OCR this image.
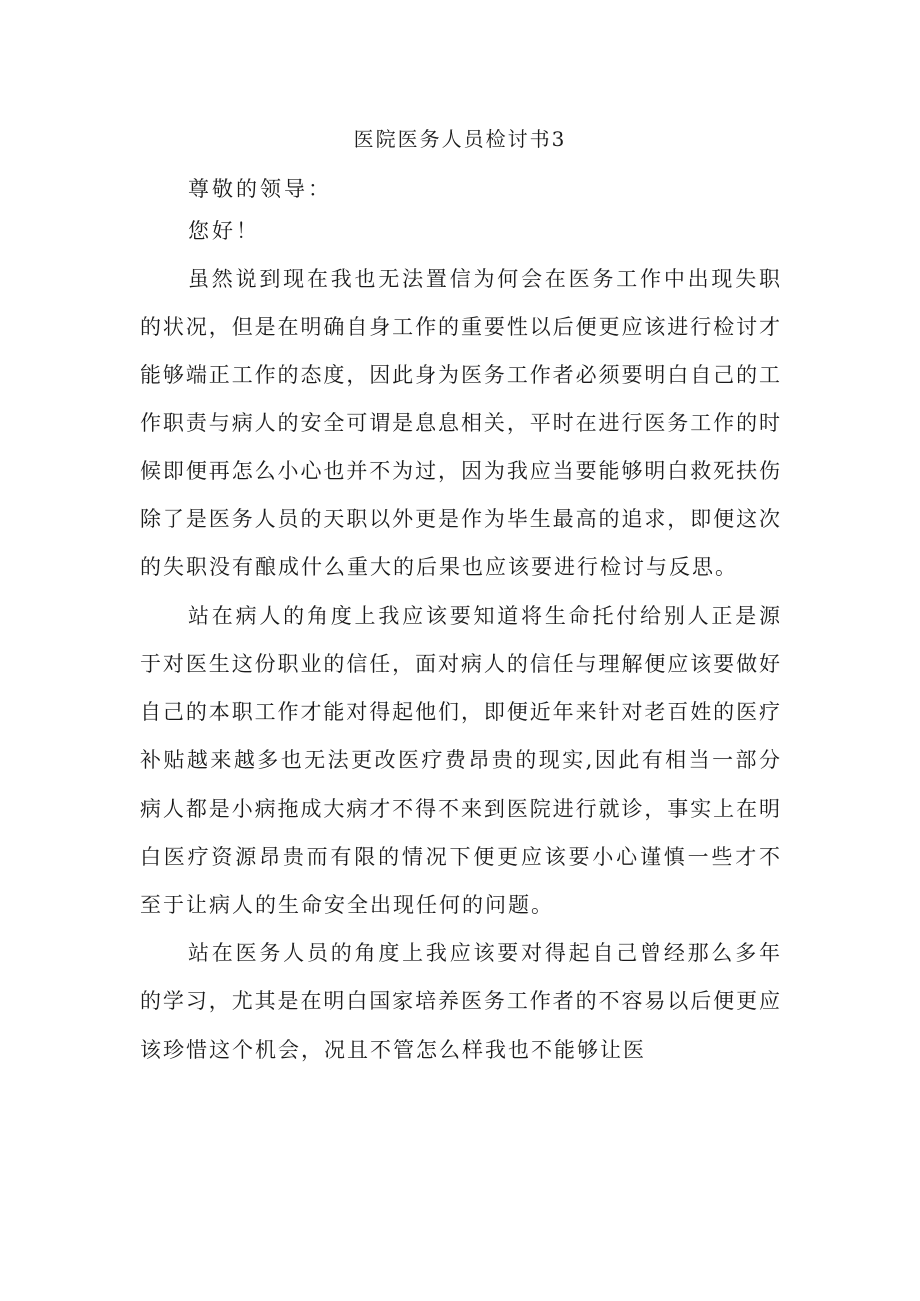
医院医务人员检讨书3
尊敬的领导：
您好！
虽然说到现在我也无法置信为何会在医务工作中出现失职
的状况，但是在明确自身工作的重要性以后便更应该进行检讨才
能够端正工作的态度，因此身为医务工作者必须要明白自己的工
作职责与病人的安全可谓是息息相关，平时在进行医务工作的时
候即便再怎么小心也并不为过，因为我应当要能够明白救死扶伤
除了是医务人员的天职以外更是作为毕生最高的追求，即便这次
的失职没有酿成什么重大的后果也应该要进行检讨与反思。
站在病人的角度上我应该要知道将生命托付给别人正是源
于对医生这份职业的信任，面对病人的信任与理解便应该要做好
自己的本职工作才能对得起他们，即便近年来针对老百姓的医疗
补贴越来越多也无法更改医疗费昂贵的现实,因此有相当一部分
病人都是小病拖成大病才不得不来到医院进行就诊，事实上在明
白医疗资源昂贵而有限的情况下便更应该要小心谨慎一些才不
至于让病人的生命安全出现任何的问题。
站在医务人员的角度上我应该要对得起自己曾经那么多年
的学习，尤其是在明白国家培养医务工作者的不容易以后便更应
该珍惜这个机会，况且不管怎么样我也不能够让医
